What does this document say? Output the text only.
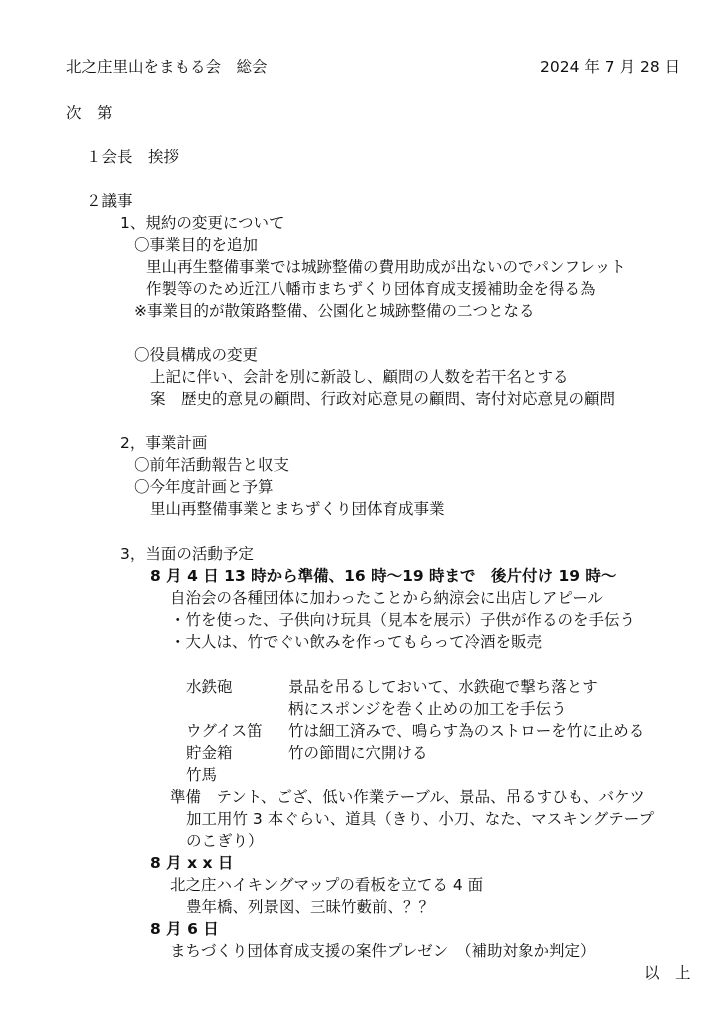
北之庄里山をまもる会　総会	2024 年 7 月 28 日
次　第
１会長　挨拶
２議事
1、規約の変更について
〇事業目的を追加
里山再生整備事業では城跡整備の費用助成が出ないのでパンフレット
作製等のため近江八幡市まちずくり団体育成支援補助金を得る為
※事業目的が散策路整備、公園化と城跡整備の二つとなる
〇役員構成の変更
上記に伴い、会計を別に新設し、顧問の人数を若干名とする
案　歴史的意見の顧問、行政対応意見の顧問、寄付対応意見の顧問
2，事業計画
〇前年活動報告と収支
〇今年度計画と予算
里山再整備事業とまちずくり団体育成事業
3，当面の活動予定
8 月 4 日 13 時から準備、16 時～19 時まで　後片付け 19 時～
自治会の各種団体に加わったことから納涼会に出店しアピール
・竹を使った、子供向け玩具（見本を展示）子供が作るのを手伝う
・大人は、竹でぐい飲みを作ってもらって冷酒を販売
水鉄砲	景品を吊るしておいて、水鉄砲で撃ち落とす
柄にスポンジを巻く止めの加工を手伝う
ウグイス笛 竹は細工済みで、鳴らす為のストローを竹に止める
貯金箱	竹の節間に穴開ける
竹馬
準備　テント、ござ、低い作業テーブル、景品、吊るすひも、バケツ
加工用竹 3 本ぐらい、道具（きり、小刀、なた、マスキングテープ
のこぎり）
8 月 x x 日
北之庄ハイキングマップの看板を立てる 4 面
豊年橋、列景図、三昧竹藪前、？？
8 月 6 日
まちづくり団体育成支援の案件プレゼン　（補助対象か判定）
以　上
